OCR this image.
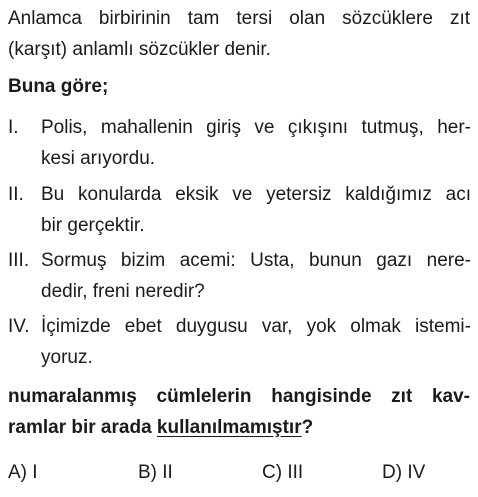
Anlamca birbirinin tam tersi olan sözcüklere zıt
(karşıt) anlamlı sözcükler denir.
Buna göre;
I. Polis, mahallenin giriş ve çıkışını tutmuş, her-
kesi arıyordu.
II. Bu konularda eksik ve yetersiz kaldığımız acı
bir gerçektir.
III. Sormuş bizim acemi: Usta, bunun gazı nere-
dedir, freni neredir?
IV. İçimizde ebet duygusu var, yok olmak istemi-
yoruz.
numaralanmış cümlelerin hangisinde zıt kav-
ramlar bir arada kullanılmamıştır?
A) I	B) II	C) III	D) IV
